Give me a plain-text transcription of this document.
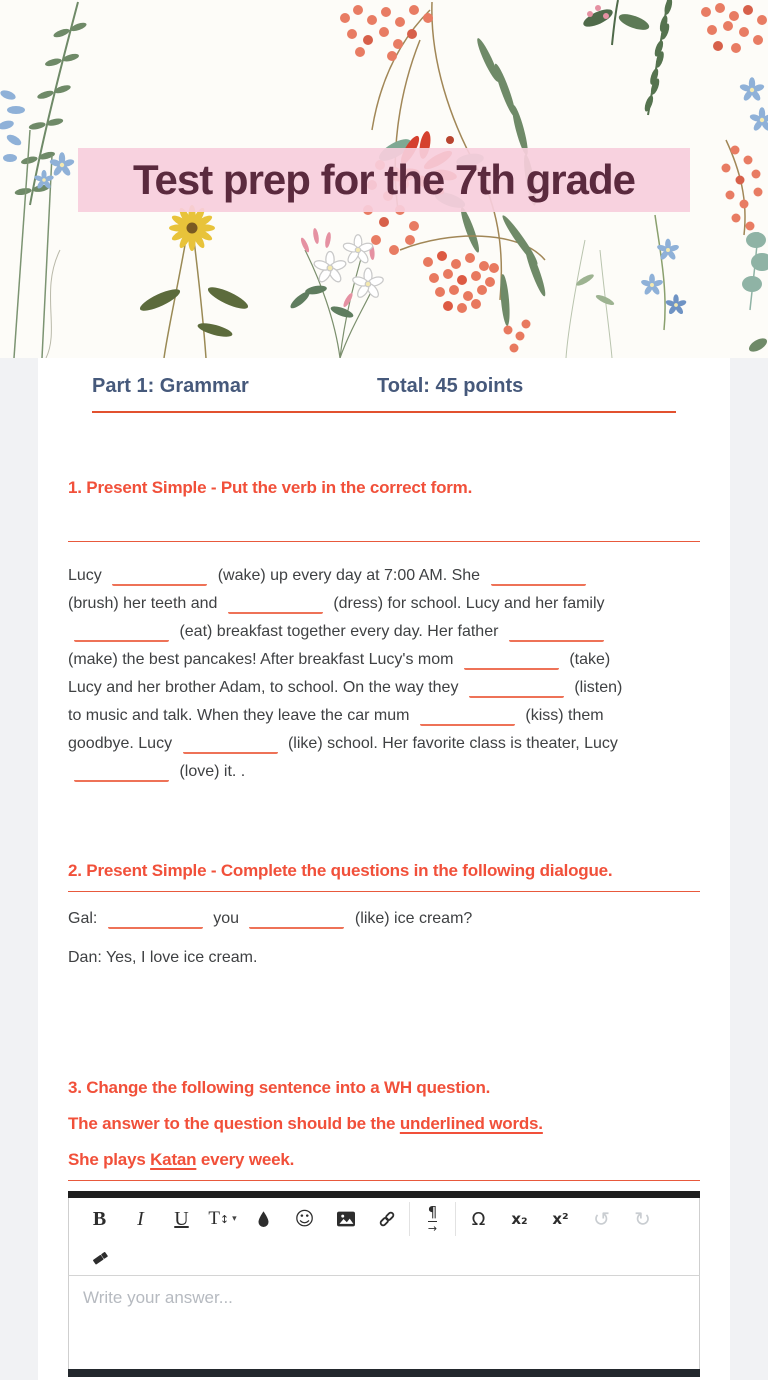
Test prep for the 7th grade
Part 1: Grammar	Total: 45 points
1. Present Simple - Put the verb in the correct form.

Lucy	(wake) up every day at 7:00 AM. She
(brush) her teeth and	(dress) for school. Lucy and her family
(eat) breakfast together every day. Her father
(make) the best pancakes! After breakfast Lucy's mom	(take)
Lucy and her brother Adam, to school. On the way they	(listen)
to music and talk. When they leave the car mum	(kiss) them
goodbye. Lucy	(like) school. Her favorite class is theater, Lucy
(love) it. .

2. Present Simple - Complete the questions in the following dialogue.

Gal:	you	(like) ice cream?

Dan: Yes, I love ice cream.

3. Change the following sentence into a WH question.

The answer to the question should be the underlined words.

She plays Katan every week.

B	I	U	T ↕ ▾	☺	¶
→	Ω	x₂	x²	↺	↻
Write your answer...
